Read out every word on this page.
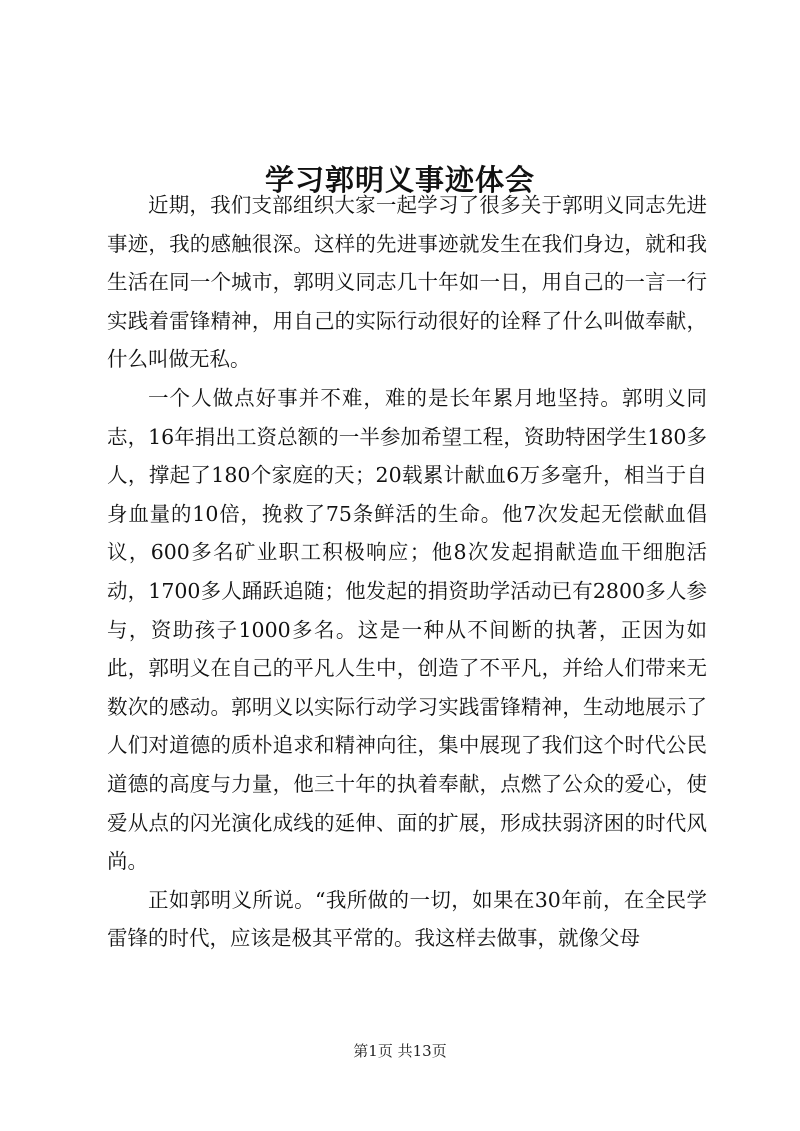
学习郭明义事迹体会

近期，我们支部组织大家一起学习了很多关于郭明义同志先进事迹，我的感触很深。这样的先进事迹就发生在我们身边，就和我生活在同一个城市，郭明义同志几十年如一日，用自己的一言一行实践着雷锋精神，用自己的实际行动很好的诠释了什么叫做奉献，什么叫做无私。

一个人做点好事并不难，难的是长年累月地坚持。郭明义同志，16年捐出工资总额的一半参加希望工程，资助特困学生180多人，撑起了180个家庭的天；20载累计献血6万多毫升，相当于自身血量的10倍，挽救了75条鲜活的生命。他7次发起无偿献血倡议，600多名矿业职工积极响应；他8次发起捐献造血干细胞活动，1700多人踊跃追随；他发起的捐资助学活动已有2800多人参与，资助孩子1000多名。这是一种从不间断的执著，正因为如此，郭明义在自己的平凡人生中，创造了不平凡，并给人们带来无数次的感动。郭明义以实际行动学习实践雷锋精神，生动地展示了人们对道德的质朴追求和精神向往，集中展现了我们这个时代公民道德的高度与力量，他三十年的执着奉献，点燃了公众的爱心，使爱从点的闪光演化成线的延伸、面的扩展，形成扶弱济困的时代风尚。

正如郭明义所说。“我所做的一切，如果在30年前，在全民学雷锋的时代，应该是极其平常的。我这样去做事，就像父母

第1页 共13页
